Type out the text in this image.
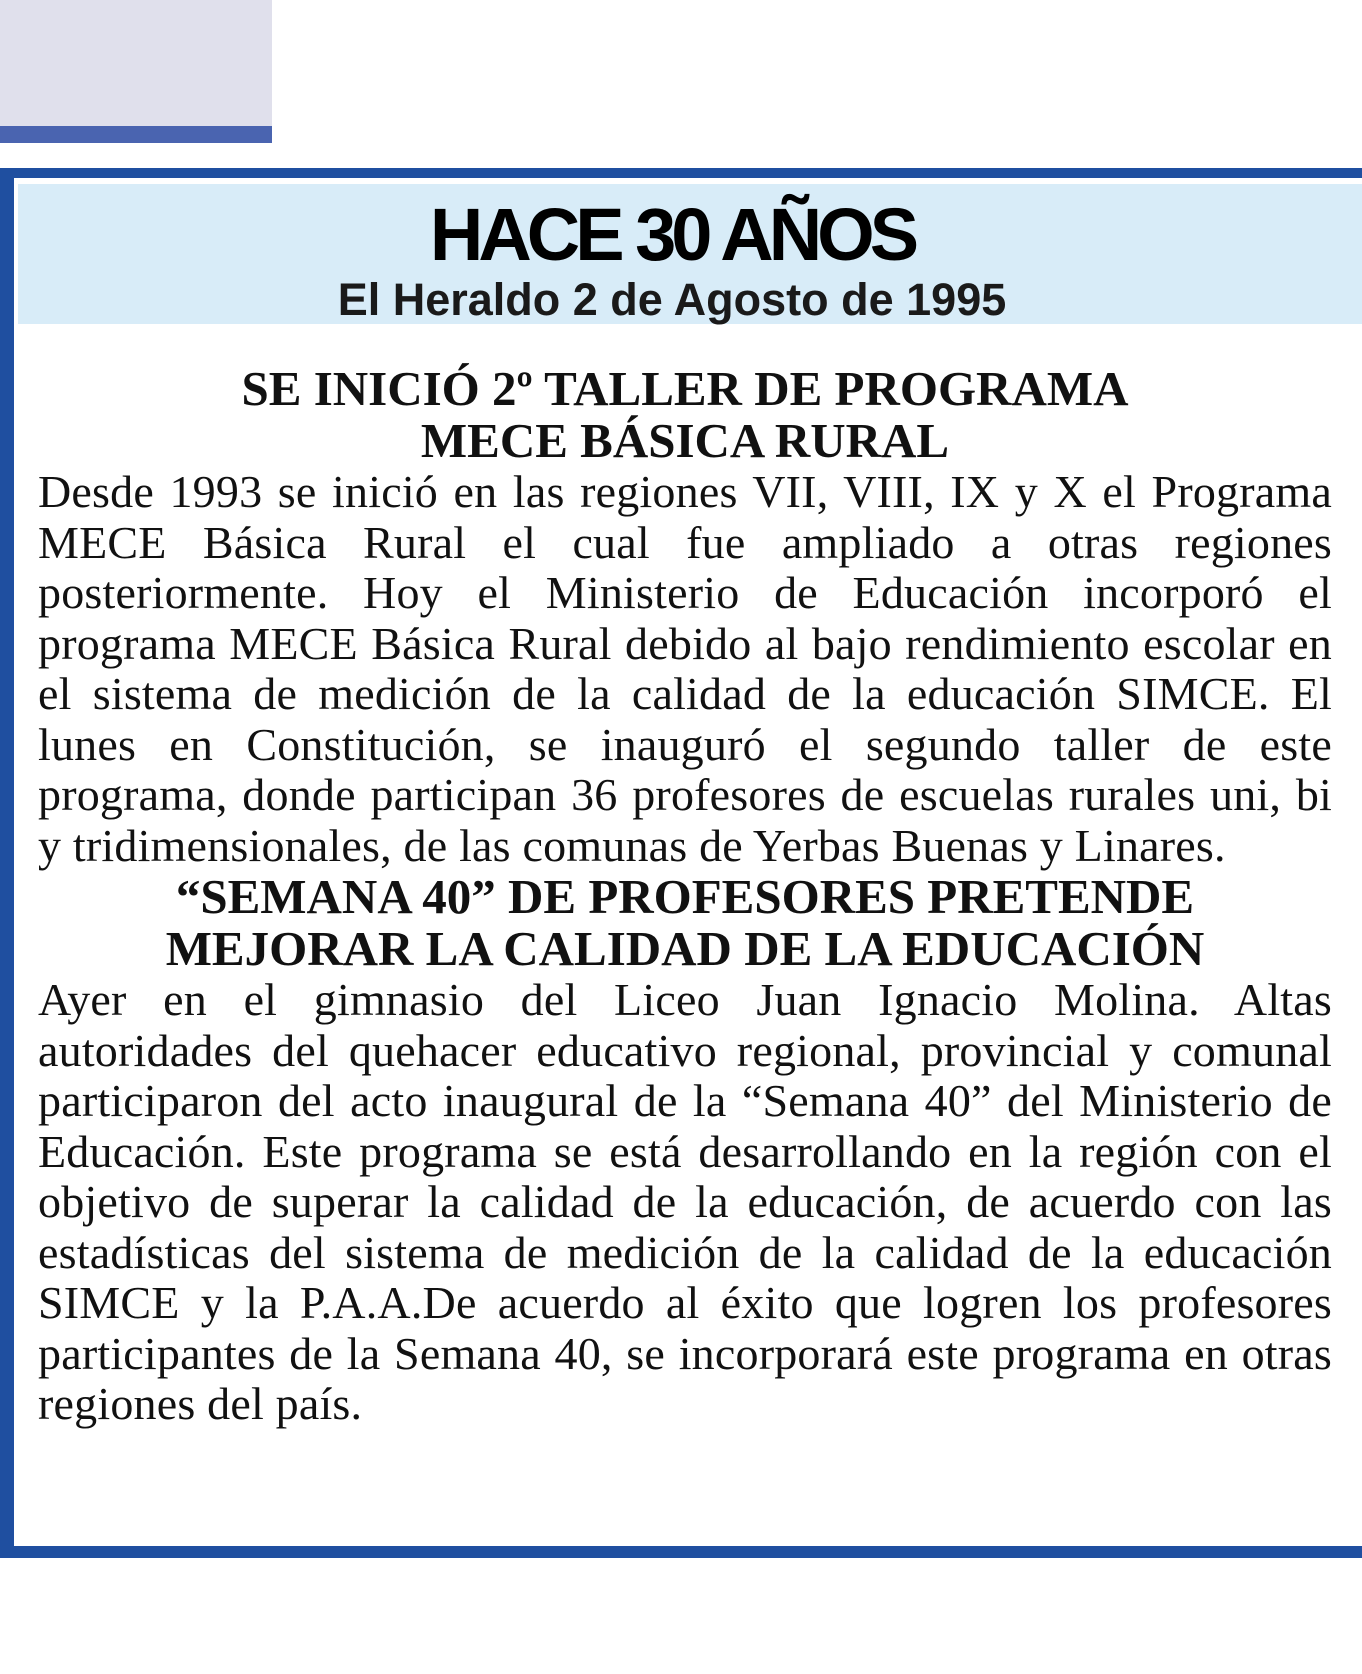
HACE 30 AÑOS
El Heraldo 2 de Agosto de 1995
SE INICIÓ 2º TALLER DE PROGRAMA
MECE BÁSICA RURAL

Desde 1993 se inició en las regiones VII, VIII, IX y X el Programa MECE Básica Rural el cual fue ampliado a otras regiones posteriormente. Hoy el Ministerio de Educación incorporó el programa MECE Básica Rural debido al bajo rendimiento escolar en el sistema de medición de la calidad de la educación SIMCE. El lunes en Constitución, se inauguró el segundo taller de este programa, donde participan 36 profesores de escuelas rurales uni, bi y tridimensionales, de las comunas de Yerbas Buenas y Linares.

“SEMANA 40” DE PROFESORES PRETENDE
MEJORAR LA CALIDAD DE LA EDUCACIÓN

Ayer en el gimnasio del Liceo Juan Ignacio Molina. Altas autoridades del quehacer educativo regional, provincial y comunal participaron del acto inaugural de la “Semana 40” del Ministerio de Educación. Este programa se está desarrollando en la región con el objetivo de superar la calidad de la educación, de acuerdo con las estadísticas del sistema de medición de la calidad de la educación SIMCE y la P.A.A.De acuerdo al éxito que logren los profesores participantes de la Semana 40, se incorporará este programa en otras regiones del país.
